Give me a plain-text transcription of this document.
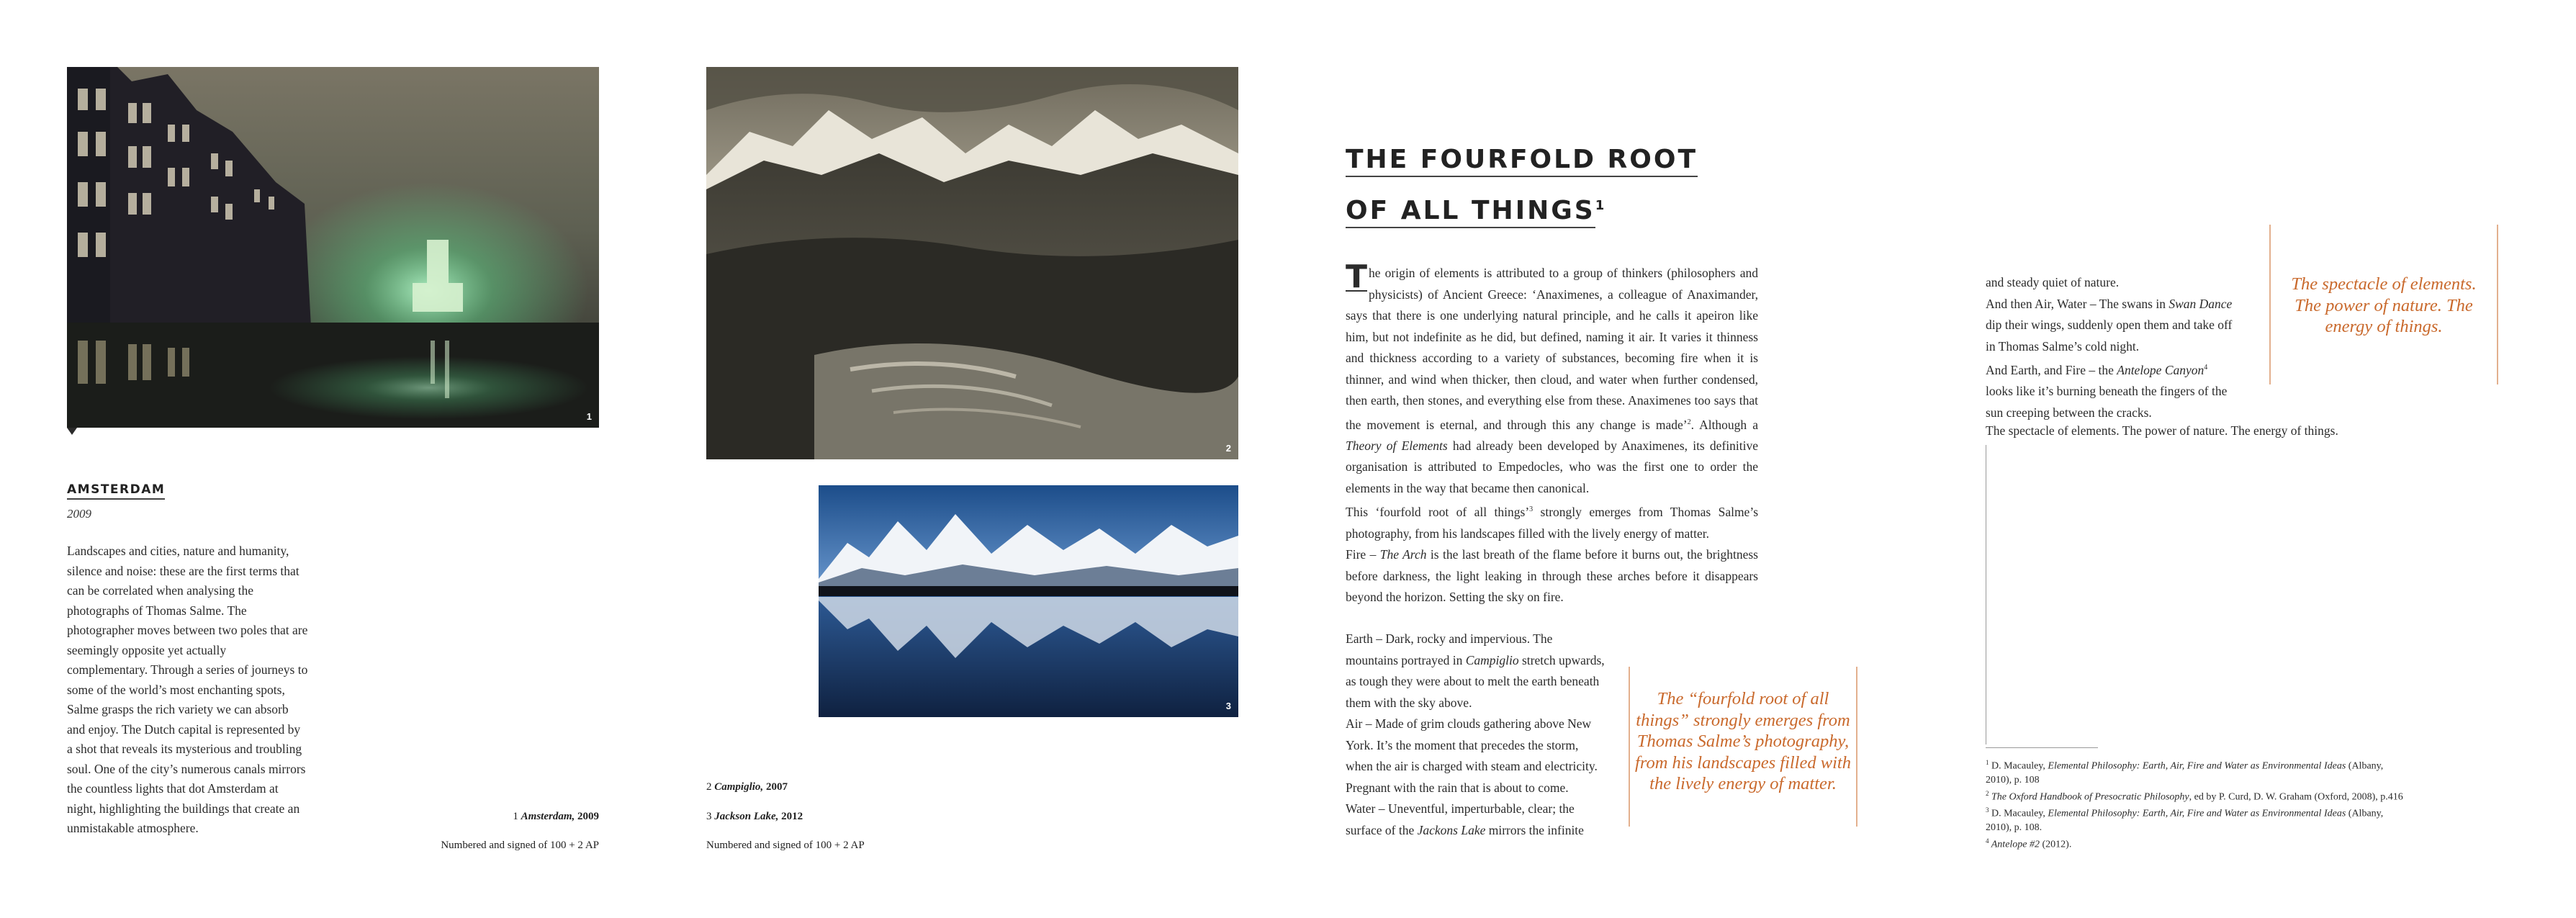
1
AMSTERDAM
2009
Landscapes and cities, nature and humanity, silence and noise: these are the first terms that can be correlated when analysing the photographs of Thomas Salme. The photographer moves between two poles that are seemingly opposite yet actually complementary. Through a series of journeys to some of the world’s most enchanting spots, Salme grasps the rich variety we can absorb and enjoy. The Dutch capital is represented by a shot that reveals its mysterious and troubling soul. One of the city’s numerous canals mirrors the countless lights that dot Amsterdam at night, highlighting the buildings that create an unmistakable atmosphere.
1 Amsterdam, 2009
Numbered and signed of 100 + 2 AP
2
3
2 Campiglio, 2007
3 Jackson Lake, 2012
Numbered and signed of 100 + 2 AP
THE FOURFOLD ROOT
OF ALL THINGS$^1$

T he origin of elements is attributed to a group of thinkers (philosophers and physicists) of Ancient Greece: ‘Anaximenes, a colleague of Anaximander, says that there is one underlying natural principle, and he calls it apeiron like him, but not indefinite as he did, but defined, naming it air. It varies it thinness and thickness according to a variety of substances, becoming fire when it is thinner, and wind when thicker, then cloud, and water when further condensed, then earth, then stones, and everything else from these. Anaximenes too says that the movement is eternal, and through this any change is made’$^2$. Although a Theory of Elements had already been developed by Anaximenes, its definitive organisation is attributed to Empedocles, who was the first one to order the elements in the way that became then canonical.

This ‘fourfold root of all things’$^3$ strongly emerges from Thomas Salme’s photography, from his landscapes filled with the lively energy of matter.

Fire – The Arch is the last breath of the flame before it burns out, the brightness before darkness, the light leaking in through these arches before it disappears beyond the horizon. Setting the sky on fire.

Earth – Dark, rocky and impervious. The mountains portrayed in Campiglio stretch upwards, as tough they were about to melt the earth beneath them with the sky above.

Air – Made of grim clouds gathering above New York. It’s the moment that precedes the storm, when the air is charged with steam and electricity. Pregnant with the rain that is about to come.

Water – Uneventful, imperturbable, clear; the surface of the Jackons Lake mirrors the infinite

The “fourfold root of all things” strongly emerges from Thomas Salme’s photography, from his landscapes filled with the lively energy of matter.

and steady quiet of nature.

And then Air, Water – The swans in Swan Dance dip their wings, suddenly open them and take off in Thomas Salme’s cold night.

And Earth, and Fire – the Antelope Canyon$^4$ looks like it’s burning beneath the fingers of the sun creeping between the cracks.

The spectacle of elements. The power of nature. The energy of things.
The spectacle of elements. The power of nature. The energy of things.

$^1$ D. Macauley, Elemental Philosophy: Earth, Air, Fire and Water as Environmental Ideas (Albany, 2010), p. 108

$^2$ The Oxford Handbook of Presocratic Philosophy, ed by P. Curd, D. W. Graham (Oxford, 2008), p.416

$^3$ D. Macauley, Elemental Philosophy: Earth, Air, Fire and Water as Environmental Ideas (Albany, 2010), p. 108.

$^4$ Antelope #2 (2012).
